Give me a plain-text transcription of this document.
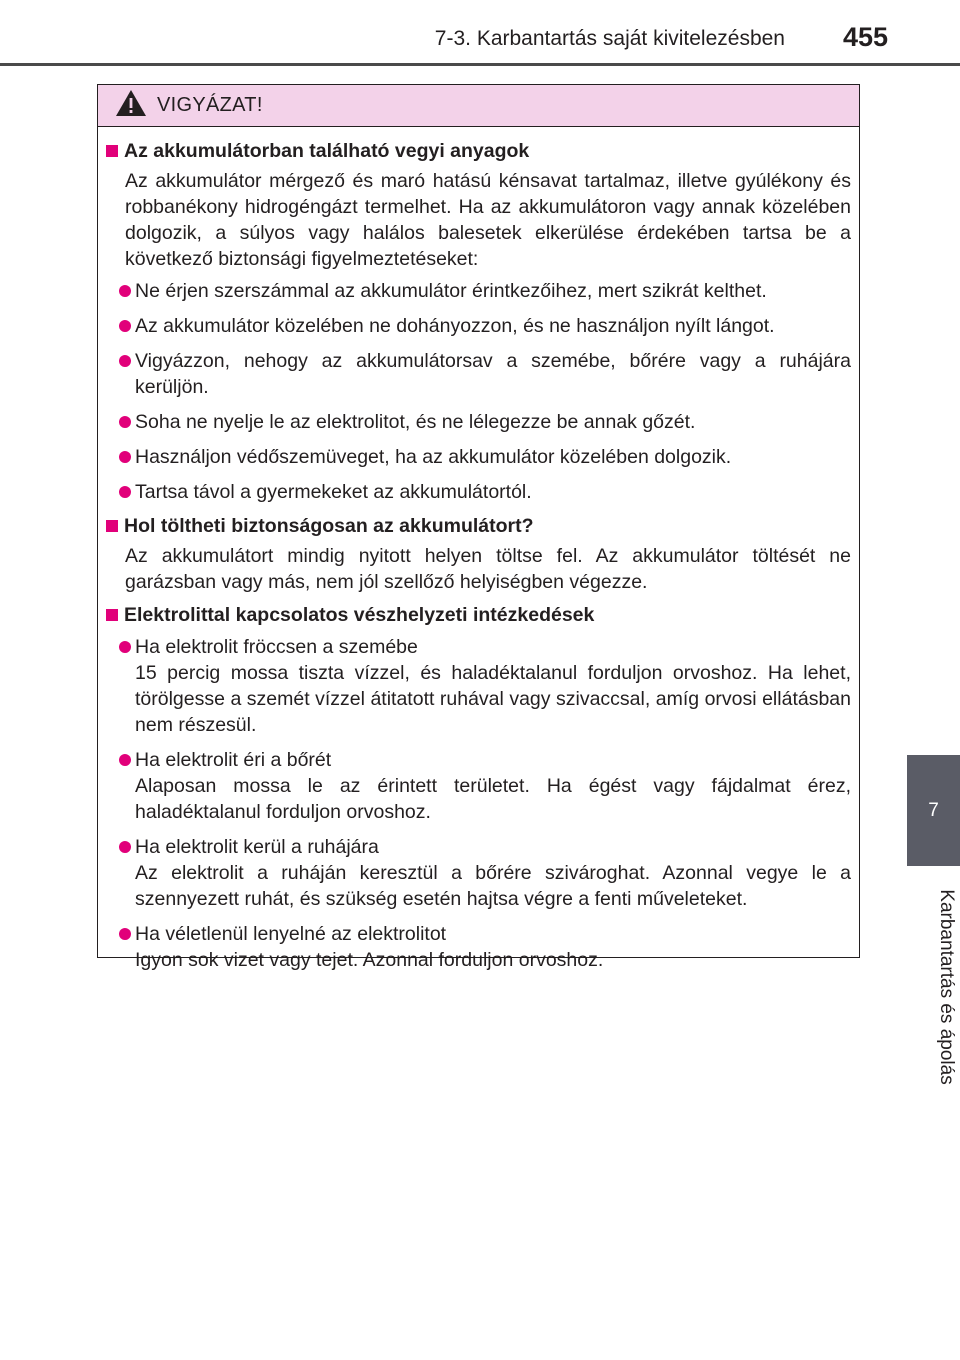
7-3. Karbantartás saját kivitelezésben 455
7
Karbantartás és ápolás
VIGYÁZAT!
Az akkumulátorban található vegyi anyagok
Az akkumulátor mérgező és maró hatású kénsavat tartalmaz, illetve gyúlékony és robbanékony hidrogéngázt termelhet. Ha az akkumulátoron vagy annak közelében dolgozik, a súlyos vagy halálos balesetek elkerülése érdekében tartsa be a következő biztonsági figyelmeztetéseket:
Ne érjen szerszámmal az akkumulátor érintkezőihez, mert szikrát kelthet.
Az akkumulátor közelében ne dohányozzon, és ne használjon nyílt lángot.
Vigyázzon, nehogy az akkumulátorsav a szemébe, bőrére vagy a ruhájára kerüljön.
Soha ne nyelje le az elektrolitot, és ne lélegezze be annak gőzét.
Használjon védőszemüveget, ha az akkumulátor közelében dolgozik.
Tartsa távol a gyermekeket az akkumulátortól.
Hol töltheti biztonságosan az akkumulátort?
Az akkumulátort mindig nyitott helyen töltse fel. Az akkumulátor töltését ne garázsban vagy más, nem jól szellőző helyiségben végezze.
Elektrolittal kapcsolatos vészhelyzeti intézkedések
Ha elektrolit fröccsen a szemébe
15 percig mossa tiszta vízzel, és haladéktalanul forduljon orvoshoz. Ha lehet, törölgesse a szemét vízzel átitatott ruhával vagy szivaccsal, amíg orvosi ellátásban nem részesül.
Ha elektrolit éri a bőrét
Alaposan mossa le az érintett területet. Ha égést vagy fájdalmat érez, haladéktalanul forduljon orvoshoz.
Ha elektrolit kerül a ruhájára
Az elektrolit a ruháján keresztül a bőrére szivároghat. Azonnal vegye le a szennyezett ruhát, és szükség esetén hajtsa végre a fenti műveleteket.
Ha véletlenül lenyelné az elektrolitot
Igyon sok vizet vagy tejet. Azonnal forduljon orvoshoz.
